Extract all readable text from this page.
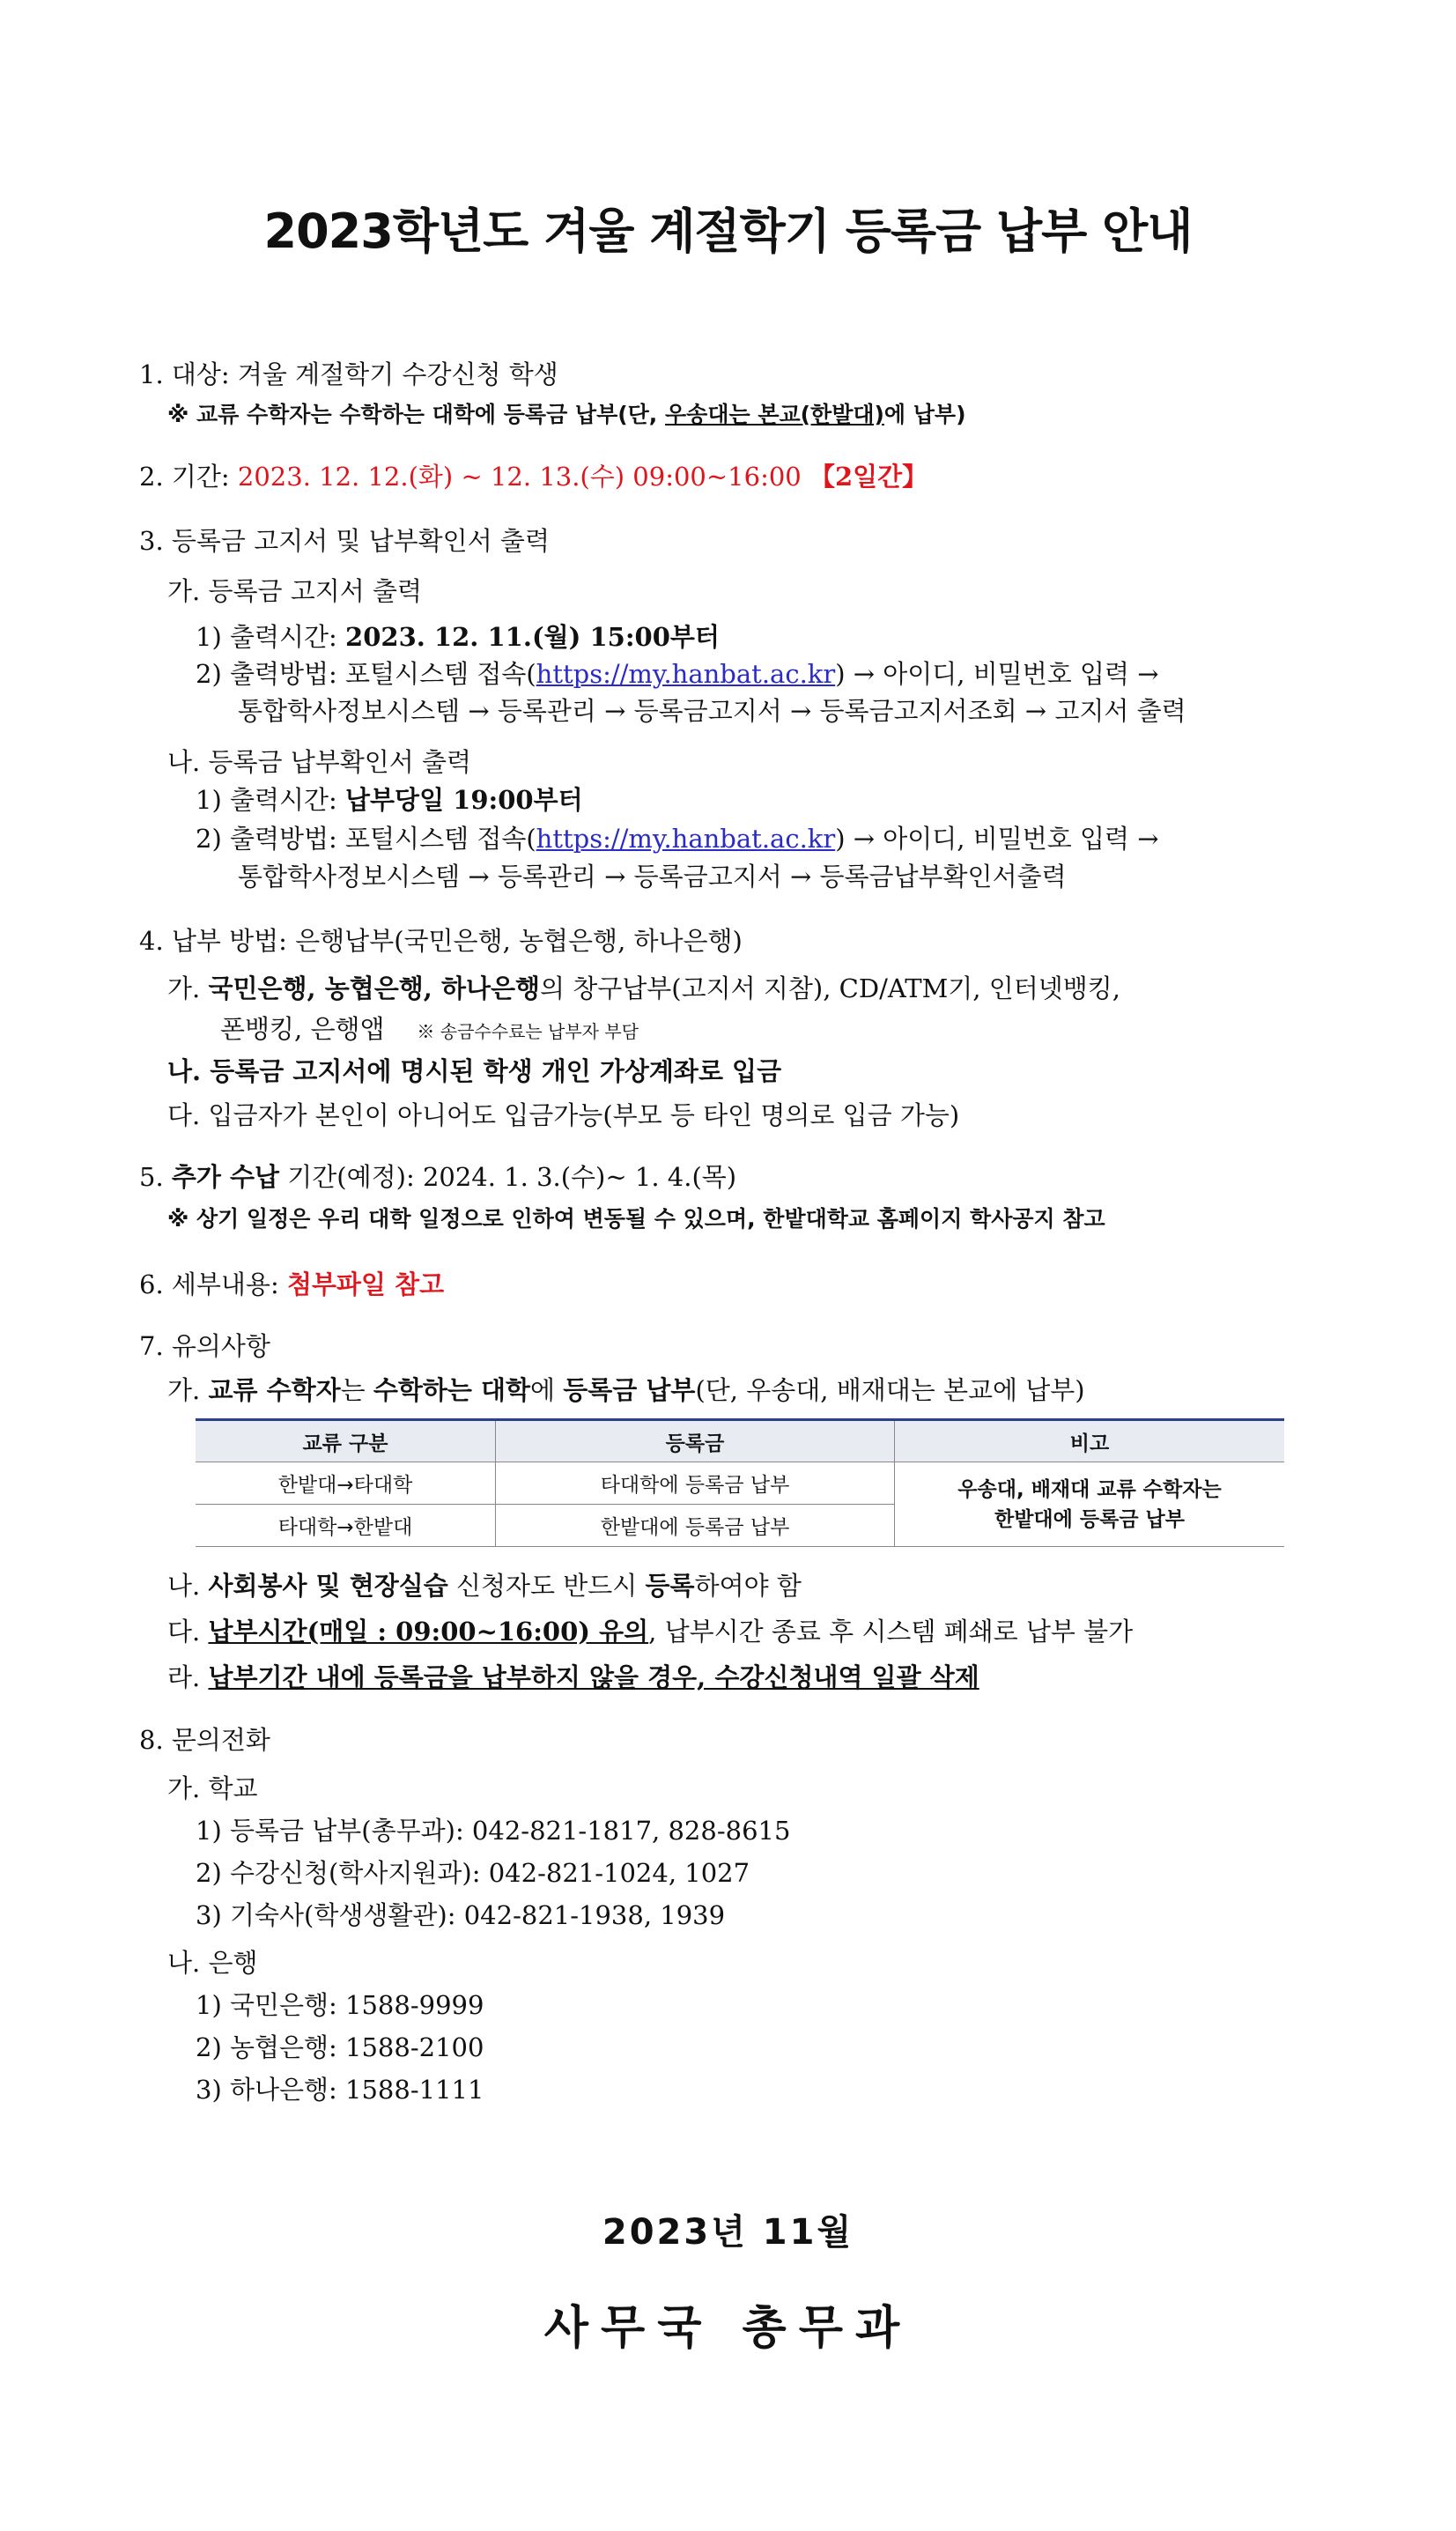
2023학년도 겨울 계절학기 등록금 납부 안내
1. 대상: 겨울 계절학기 수강신청 학생
※ 교류 수학자는 수학하는 대학에 등록금 납부(단, 우송대는 본교(한발대)에 납부)
2. 기간: 2023. 12. 12.(화) ~ 12. 13.(수) 09:00~16:00 【2일간】
3. 등록금 고지서 및 납부확인서 출력
가. 등록금 고지서 출력
1) 출력시간: 2023. 12. 11.(월) 15:00부터
2) 출력방법: 포털시스템 접속(https://my.hanbat.ac.kr) → 아이디, 비밀번호 입력 →
통합학사정보시스템 → 등록관리 → 등록금고지서 → 등록금고지서조회 → 고지서 출력
나. 등록금 납부확인서 출력
1) 출력시간: 납부당일 19:00부터
2) 출력방법: 포털시스템 접속(https://my.hanbat.ac.kr) → 아이디, 비밀번호 입력 →
통합학사정보시스템 → 등록관리 → 등록금고지서 → 등록금납부확인서출력
4. 납부 방법: 은행납부(국민은행, 농협은행, 하나은행)
가. 국민은행, 농협은행, 하나은행의 창구납부(고지서 지참), CD/ATM기, 인터넷뱅킹,
폰뱅킹, 은행앱 ※ 송금수수료는 납부자 부담
나. 등록금 고지서에 명시된 학생 개인 가상계좌로 입금
다. 입금자가 본인이 아니어도 입금가능(부모 등 타인 명의로 입금 가능)
5. 추가 수납 기간(예정): 2024. 1. 3.(수)~ 1. 4.(목)
※ 상기 일정은 우리 대학 일정으로 인하여 변동될 수 있으며, 한밭대학교 홈페이지 학사공지 참고
6. 세부내용: 첨부파일 참고
7. 유의사항
가. 교류 수학자는 수학하는 대학에 등록금 납부(단, 우송대, 배재대는 본교에 납부)
교류 구분	등록금	비고
한밭대→타대학	타대학에 등록금 납부	우송대, 배재대 교류 수학자는
한밭대에 등록금 납부
타대학→한밭대	한밭대에 등록금 납부	
나. 사회봉사 및 현장실습 신청자도 반드시 등록하여야 함
다. 납부시간(매일 : 09:00~16:00) 유의, 납부시간 종료 후 시스템 폐쇄로 납부 불가
라. 납부기간 내에 등록금을 납부하지 않을 경우, 수강신청내역 일괄 삭제
8. 문의전화
가. 학교
1) 등록금 납부(총무과): 042-821-1817, 828-8615
2) 수강신청(학사지원과): 042-821-1024, 1027
3) 기숙사(학생생활관): 042-821-1938, 1939
나. 은행
1) 국민은행: 1588-9999
2) 농협은행: 1588-2100
3) 하나은행: 1588-1111
2023년 11월
사무국 총무과
